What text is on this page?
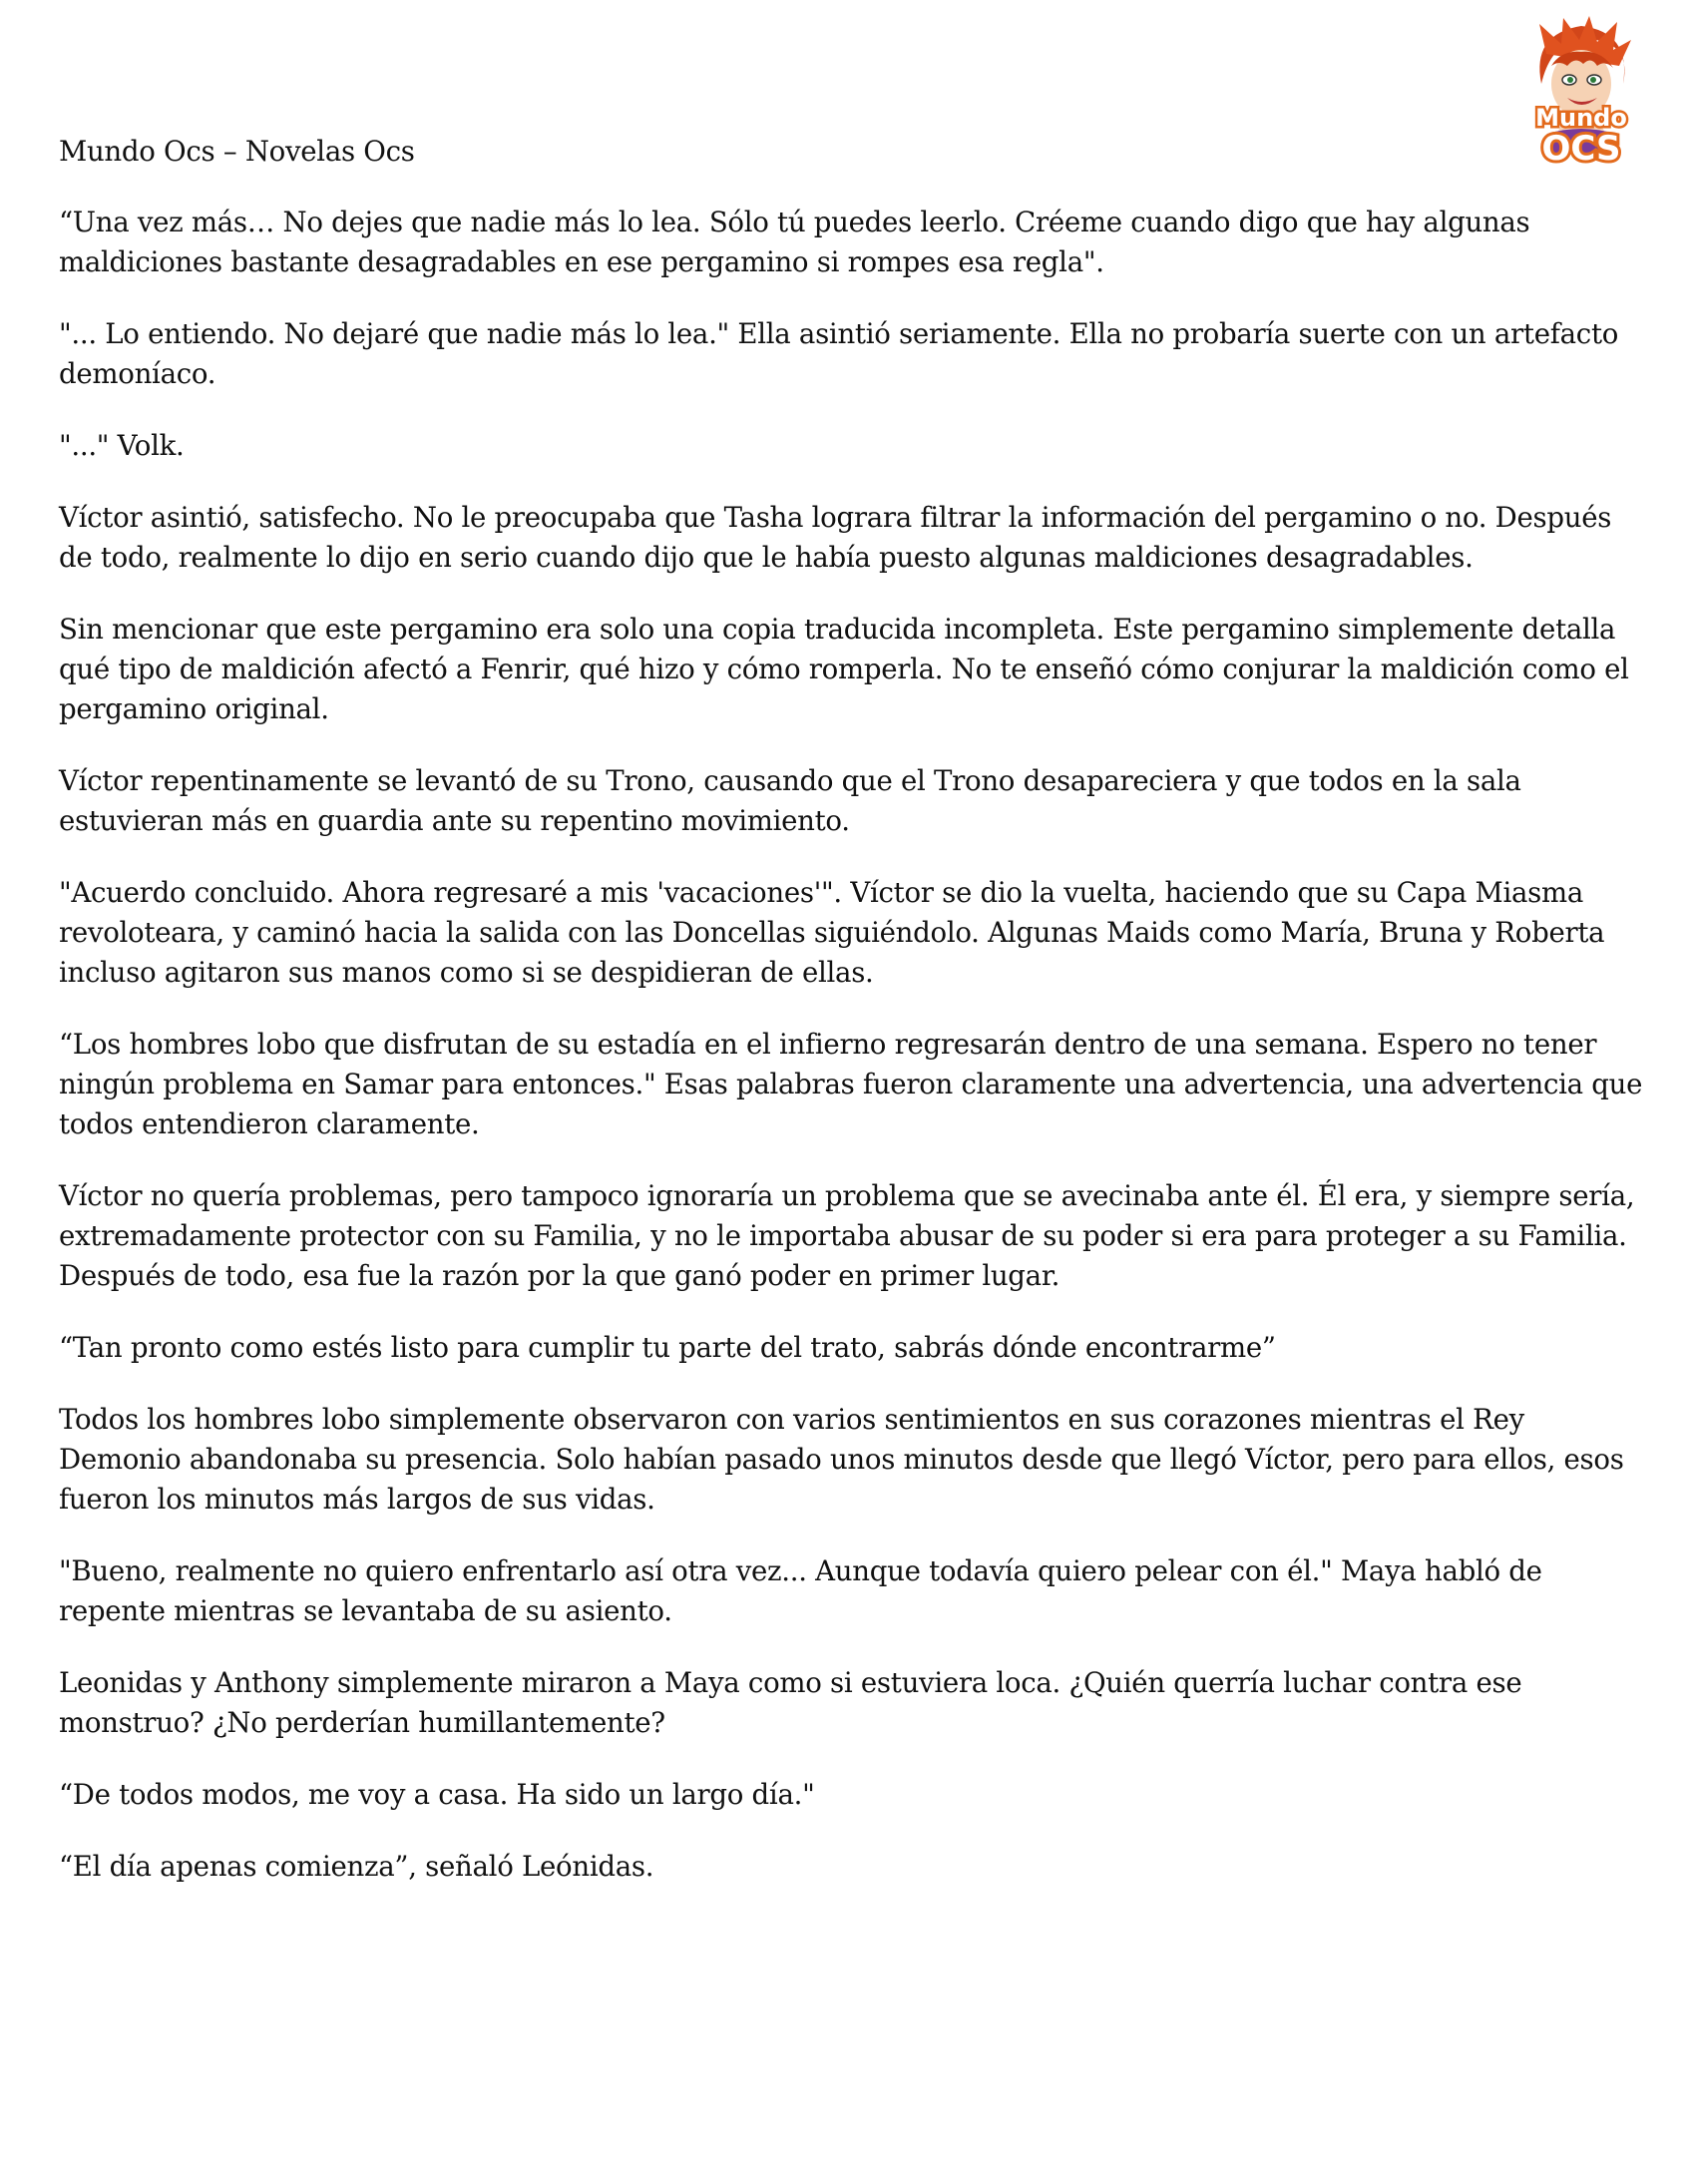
Mundo
OCS
Mundo Ocs – Novelas Ocs

“Una vez más… No dejes que nadie más lo lea. Sólo tú puedes leerlo. Créeme cuando digo que hay algunas maldiciones bastante desagradables en ese pergamino si rompes esa regla".

"... Lo entiendo. No dejaré que nadie más lo lea." Ella asintió seriamente. Ella no probaría suerte con un artefacto demoníaco.

"..." Volk.

Víctor asintió, satisfecho. No le preocupaba que Tasha lograra filtrar la información del pergamino o no. Después de todo, realmente lo dijo en serio cuando dijo que le había puesto algunas maldiciones desagradables.

Sin mencionar que este pergamino era solo una copia traducida incompleta. Este pergamino simplemente detalla qué tipo de maldición afectó a Fenrir, qué hizo y cómo romperla. No te enseñó cómo conjurar la maldición como el pergamino original.

Víctor repentinamente se levantó de su Trono, causando que el Trono desapareciera y que todos en la sala estuvieran más en guardia ante su repentino movimiento.

"Acuerdo concluido. Ahora regresaré a mis 'vacaciones'". Víctor se dio la vuelta, haciendo que su Capa Miasma revoloteara, y caminó hacia la salida con las Doncellas siguiéndolo. Algunas Maids como María, Bruna y Roberta incluso agitaron sus manos como si se despidieran de ellas.

“Los hombres lobo que disfrutan de su estadía en el infierno regresarán dentro de una semana. Espero no tener ningún problema en Samar para entonces." Esas palabras fueron claramente una advertencia, una advertencia que todos entendieron claramente.

Víctor no quería problemas, pero tampoco ignoraría un problema que se avecinaba ante él. Él era, y siempre sería, extremadamente protector con su Familia, y no le importaba abusar de su poder si era para proteger a su Familia. Después de todo, esa fue la razón por la que ganó poder en primer lugar.

“Tan pronto como estés listo para cumplir tu parte del trato, sabrás dónde encontrarme”

Todos los hombres lobo simplemente observaron con varios sentimientos en sus corazones mientras el Rey Demonio abandonaba su presencia. Solo habían pasado unos minutos desde que llegó Víctor, pero para ellos, esos fueron los minutos más largos de sus vidas.

"Bueno, realmente no quiero enfrentarlo así otra vez... Aunque todavía quiero pelear con él." Maya habló de repente mientras se levantaba de su asiento.

Leonidas y Anthony simplemente miraron a Maya como si estuviera loca. ¿Quién querría luchar contra ese monstruo? ¿No perderían humillantemente?

“De todos modos, me voy a casa. Ha sido un largo día."

“El día apenas comienza”, señaló Leónidas.
